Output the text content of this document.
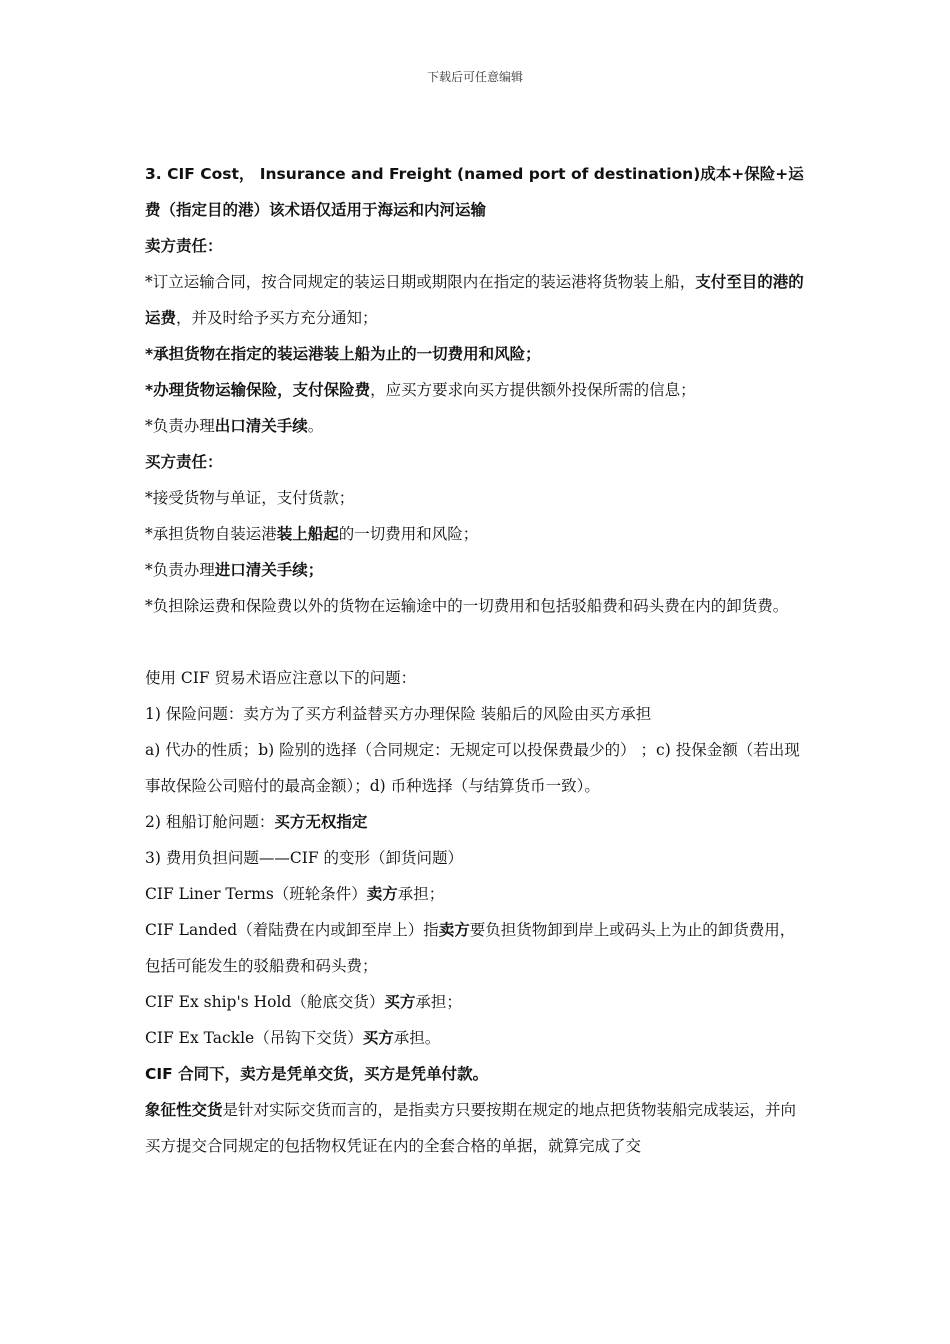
下载后可任意编辑

3. CIF Cost， Insurance and Freight (named port of destination)成本+保险+运费（指定目的港）该术语仅适用于海运和内河运输

卖方责任：

*订立运输合同，按合同规定的装运日期或期限内在指定的装运港将货物装上船，支付至目的港的运费，并及时给予买方充分通知；

*承担货物在指定的装运港装上船为止的一切费用和风险；

*办理货物运输保险，支付保险费，应买方要求向买方提供额外投保所需的信息；

*负责办理出口清关手续。

买方责任：

*接受货物与单证，支付货款；

*承担货物自装运港装上船起的一切费用和风险；

*负责办理进口清关手续；

*负担除运费和保险费以外的货物在运输途中的一切费用和包括驳船费和码头费在内的卸货费。

使用 CIF 贸易术语应注意以下的问题：

1) 保险问题：卖方为了买方利益替买方办理保险 装船后的风险由买方承担

a) 代办的性质；b) 险别的选择（合同规定：无规定可以投保费最少的） ；c) 投保金额（若出现事故保险公司赔付的最高金额）；d) 币种选择（与结算货币一致）。

2) 租船订舱问题：买方无权指定

3) 费用负担问题——CIF 的变形（卸货问题）

CIF Liner Terms（班轮条件）卖方承担；

CIF Landed（着陆费在内或卸至岸上）指卖方要负担货物卸到岸上或码头上为止的卸货费用，包括可能发生的驳船费和码头费；

CIF Ex ship's Hold（舱底交货）买方承担；

CIF Ex Tackle（吊钩下交货）买方承担。

CIF 合同下，卖方是凭单交货，买方是凭单付款。

象征性交货是针对实际交货而言的，是指卖方只要按期在规定的地点把货物装船完成装运，并向买方提交合同规定的包括物权凭证在内的全套合格的单据，就算完成了交
